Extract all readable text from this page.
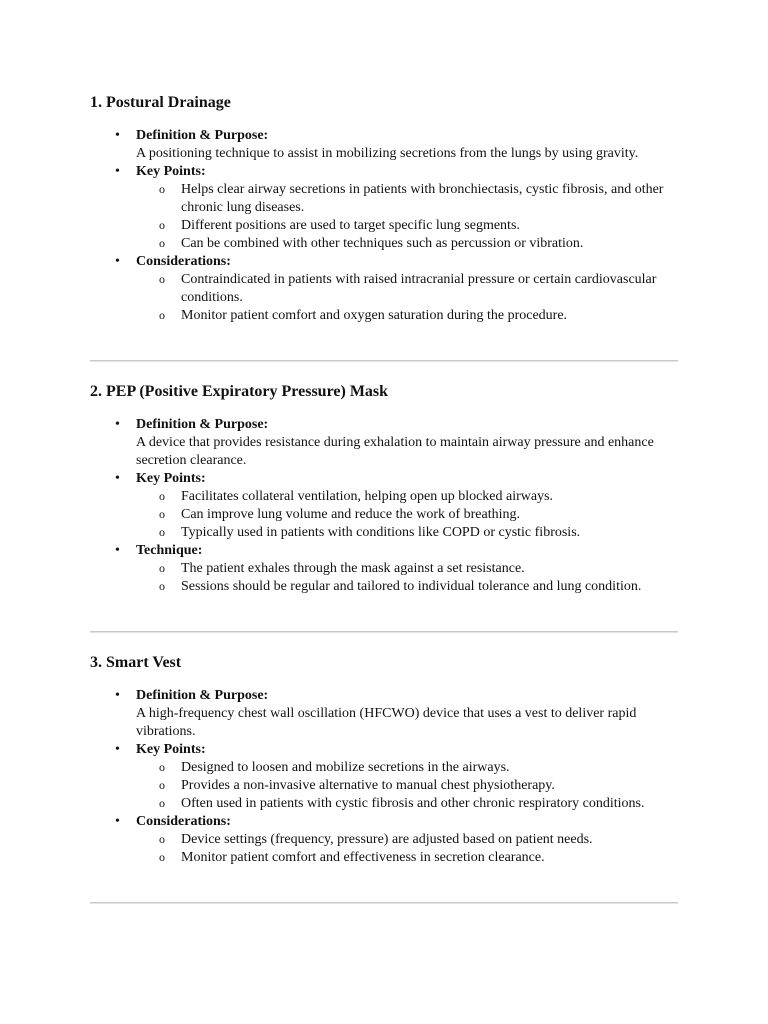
1. Postural Drainage
• Definition & Purpose:
A positioning technique to assist in mobilizing secretions from the lungs by using gravity.
• Key Points:
o Helps clear airway secretions in patients with bronchiectasis, cystic fibrosis, and other chronic lung diseases.
o Different positions are used to target specific lung segments.
o Can be combined with other techniques such as percussion or vibration.
• Considerations:
o Contraindicated in patients with raised intracranial pressure or certain cardiovascular conditions.
o Monitor patient comfort and oxygen saturation during the procedure.
2. PEP (Positive Expiratory Pressure) Mask
• Definition & Purpose:
A device that provides resistance during exhalation to maintain airway pressure and enhance secretion clearance.
• Key Points:
o Facilitates collateral ventilation, helping open up blocked airways.
o Can improve lung volume and reduce the work of breathing.
o Typically used in patients with conditions like COPD or cystic fibrosis.
• Technique:
o The patient exhales through the mask against a set resistance.
o Sessions should be regular and tailored to individual tolerance and lung condition.
3. Smart Vest
• Definition & Purpose:
A high-frequency chest wall oscillation (HFCWO) device that uses a vest to deliver rapid vibrations.
• Key Points:
o Designed to loosen and mobilize secretions in the airways.
o Provides a non-invasive alternative to manual chest physiotherapy.
o Often used in patients with cystic fibrosis and other chronic respiratory conditions.
• Considerations:
o Device settings (frequency, pressure) are adjusted based on patient needs.
o Monitor patient comfort and effectiveness in secretion clearance.
